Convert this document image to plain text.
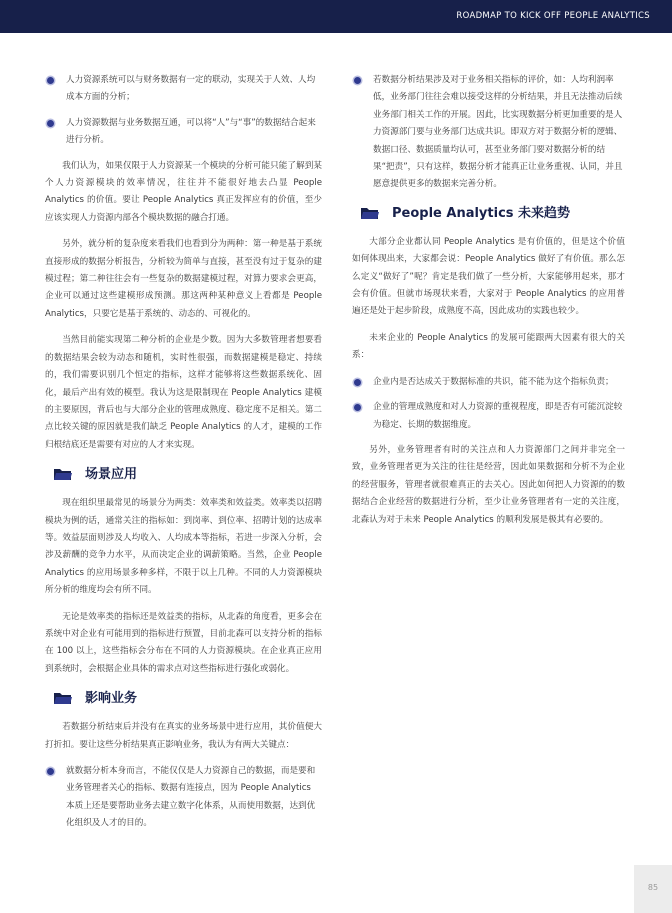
ROADMAP TO KICK OFF PEOPLE ANALYTICS
人力资源系统可以与财务数据有一定的联动，实现关于人效、人均成本方面的分析；
人力资源数据与业务数据互通，可以将“人”与“事”的数据结合起来进行分析。

我们认为，如果仅限于人力资源某一个模块的分析可能只能了解到某个人力资源模块的效率情况，往往并不能很好地去凸显 People Analytics 的价值。要让 People Analytics 真正发挥应有的价值，至少应该实现人力资源内部各个模块数据的融合打通。

另外，就分析的复杂度来看我们也看到分为两种：第一种是基于系统直接形成的数据分析报告，分析较为简单与直接，甚至没有过于复杂的建模过程；第二种往往会有一些复杂的数据建模过程，对算力要求会更高，企业可以通过这些建模形成预测。那这两种某种意义上看都是 People Analytics，只要它是基于系统的、动态的、可视化的。

当然目前能实现第二种分析的企业是少数。因为大多数管理者想要看的数据结果会较为动态和随机，实时性很强，而数据建模是稳定、持续的，我们需要识别几个恒定的指标，这样才能够将这些数据系统化、固化，最后产出有效的模型。我认为这是限制现在 People Analytics 建模的主要原因，背后也与大部分企业的管理成熟度、稳定度不足相关。第二点比较关键的原因就是我们缺乏 People Analytics 的人才，建模的工作归根结底还是需要有对应的人才来实现。

场景应用

现在组织里最常见的场景分为两类：效率类和效益类。效率类以招聘模块为例的话，通常关注的指标如：到岗率、到位率、招聘计划的达成率等。效益层面则涉及人均收入、人均成本等指标，若进一步深入分析，会涉及薪酬的竞争力水平，从而决定企业的调薪策略。当然，企业 People Analytics 的应用场景多种多样，不限于以上几种。不同的人力资源模块所分析的维度均会有所不同。

无论是效率类的指标还是效益类的指标，从北森的角度看，更多会在系统中对企业有可能用到的指标进行预置，目前北森可以支持分析的指标在 100 以上，这些指标会分布在不同的人力资源模块。在企业真正应用到系统时，会根据企业具体的需求点对这些指标进行强化或弱化。

影响业务

若数据分析结束后并没有在真实的业务场景中进行应用，其价值便大打折扣。要让这些分析结果真正影响业务，我认为有两大关键点：

就数据分析本身而言，不能仅仅是人力资源自己的数据，而是要和业务管理者关心的指标、数据有连接点，因为 People Analytics 本质上还是要帮助业务去建立数字化体系，从而使用数据，达到优化组织及人才的目的。
若数据分析结果涉及对于业务相关指标的评价，如：人均利润率低，业务部门往往会难以接受这样的分析结果，并且无法推动后续业务部门相关工作的开展。因此，比实现数据分析更加重要的是人力资源部门要与业务部门达成共识。即双方对于数据分析的逻辑、数据口径、数据质量均认可，甚至业务部门要对数据分析的结果“把责”，只有这样，数据分析才能真正让业务重视、认同，并且愿意提供更多的数据来完善分析。
People Analytics 未来趋势

大部分企业都认同 People Analytics 是有价值的，但是这个价值如何体现出来，大家都会说：People Analytics 做好了有价值。那么怎么定义“做好了”呢？肯定是我们做了一些分析，大家能够用起来，那才会有价值。但就市场现状来看，大家对于 People Analytics 的应用普遍还是处于起步阶段，成熟度不高，因此成功的实践也较少。

未来企业的 People Analytics 的发展可能跟两大因素有很大的关系：

企业内是否达成关于数据标准的共识，能不能为这个指标负责；
企业的管理成熟度和对人力资源的重视程度，即是否有可能沉淀较为稳定、长期的数据维度。

另外，业务管理者有时的关注点和人力资源部门之间并非完全一致，业务管理者更为关注的往往是经营，因此如果数据和分析不为企业的经营服务，管理者就很难真正的去关心。因此如何把人力资源的的数据结合企业经营的数据进行分析，至少让业务管理者有一定的关注度，北森认为对于未来 People Analytics 的顺利发展是极其有必要的。

85
